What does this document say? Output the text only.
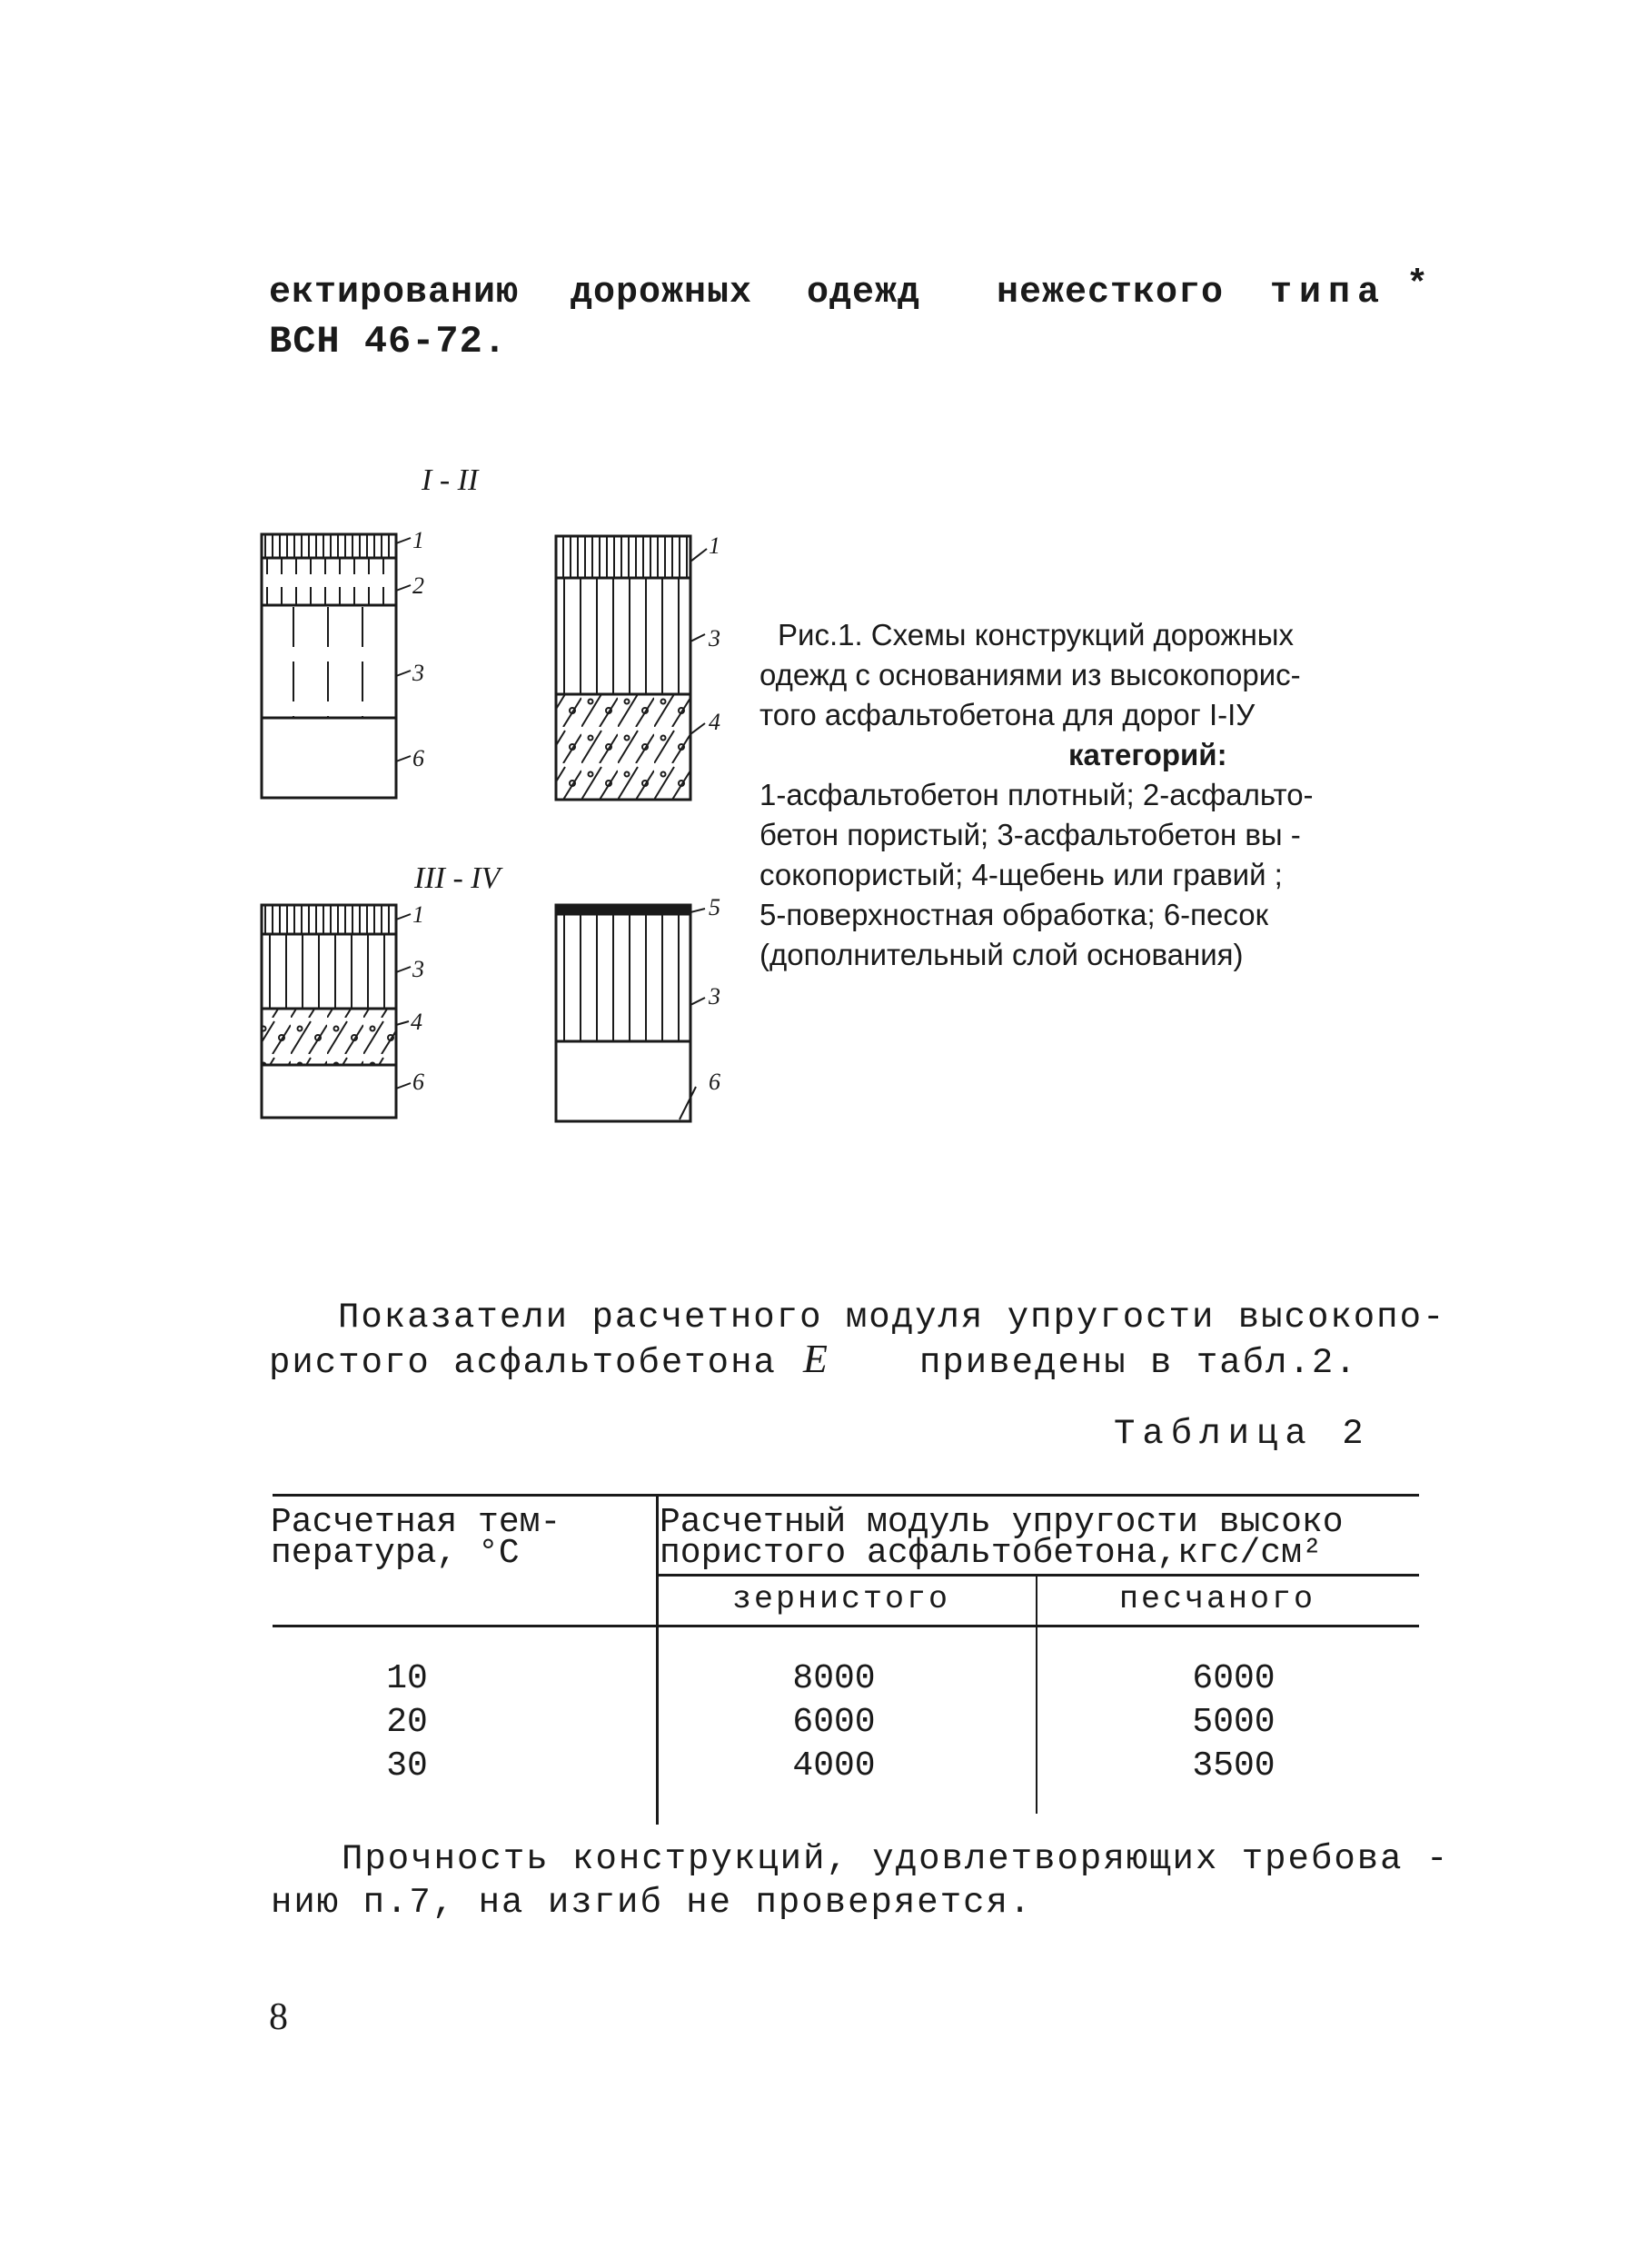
ектированию дорожных одежд нежесткого типа *
ВСН 46-72.
I - II
III - IV
1
2
3
6
1
3
4
1
3
4
6
5
3
6
Рис.1. Схемы конструкций дорожных
одежд с основаниями из высокопорис-
того асфальтобетона для дорог I-IУ
категорий:
1-асфальтобетон плотный; 2-асфальто-
бетон пористый; 3-асфальтобетон вы -
сокопористый; 4-щебень или гравий ;
5-поверхностная обработка; 6-песок
(дополнительный слой основания)
Показатели расчетного модуля упругости высокопо-
ристого асфальтобетона E	приведены в табл.2.
Таблица 2
Расчетная тем-
пература, °С
Расчетный модуль упругости высоко
пористого асфальтобетона,кгс/см²
зернистого	песчаного
10	8000	6000
20	6000	5000
30	4000	3500
Прочность конструкций, удовлетворяющих требова -
нию п.7, на изгиб не проверяется.
8
